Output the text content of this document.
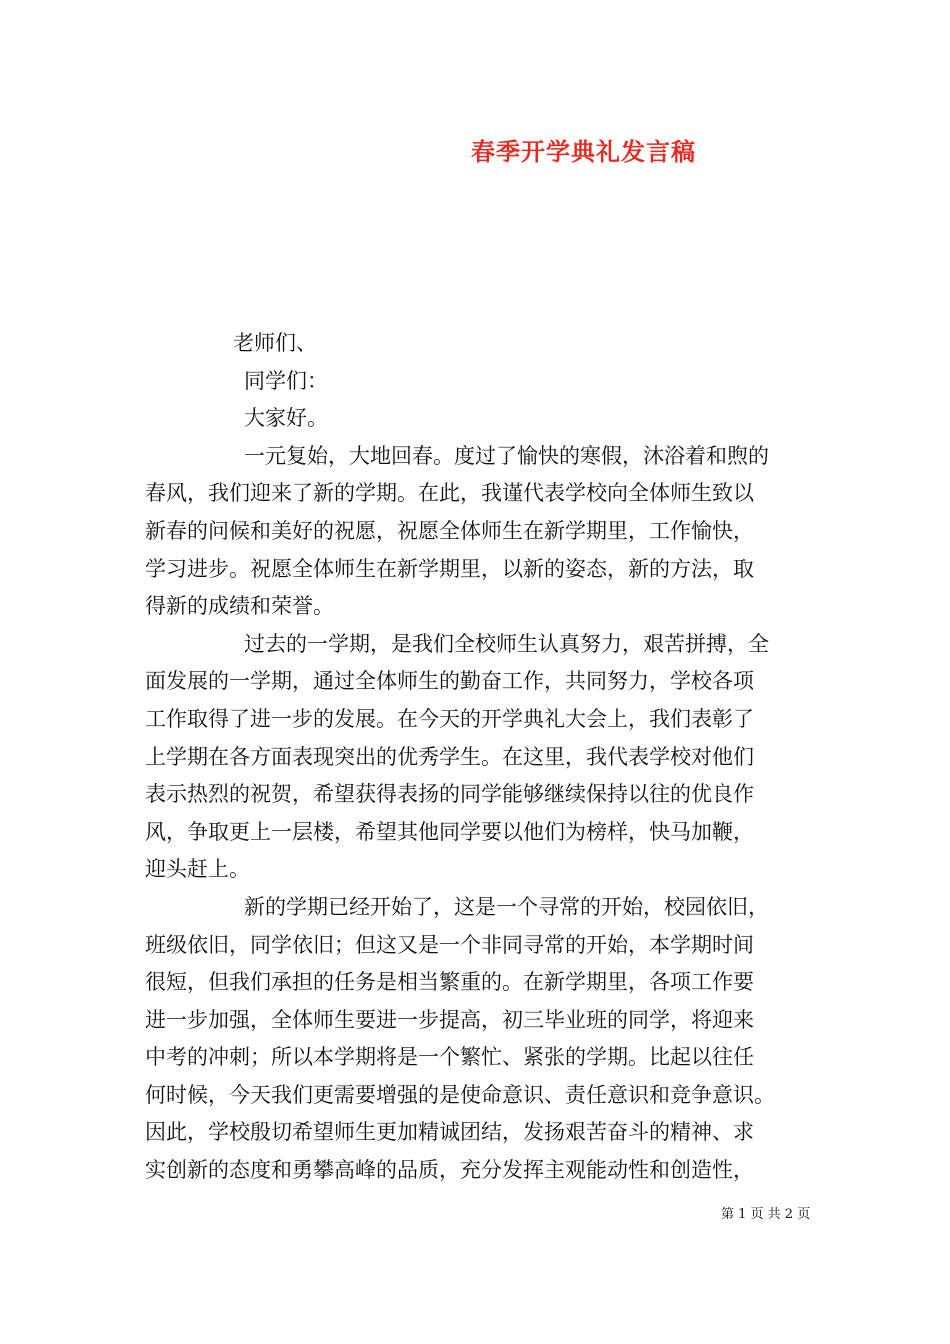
春季开学典礼发言稿
老师们、
同学们：
大家好。
一元复始，大地回春。度过了愉快的寒假，沐浴着和煦的
春风，我们迎来了新的学期。在此，我谨代表学校向全体师生致以
新春的问候和美好的祝愿，祝愿全体师生在新学期里，工作愉快，
学习进步。祝愿全体师生在新学期里，以新的姿态，新的方法，取
得新的成绩和荣誉。
过去的一学期，是我们全校师生认真努力，艰苦拼搏，全
面发展的一学期，通过全体师生的勤奋工作，共同努力，学校各项
工作取得了进一步的发展。在今天的开学典礼大会上，我们表彰了
上学期在各方面表现突出的优秀学生。在这里，我代表学校对他们
表示热烈的祝贺，希望获得表扬的同学能够继续保持以往的优良作
风，争取更上一层楼，希望其他同学要以他们为榜样，快马加鞭，
迎头赶上。
新的学期已经开始了，这是一个寻常的开始，校园依旧，
班级依旧，同学依旧；但这又是一个非同寻常的开始，本学期时间
很短，但我们承担的任务是相当繁重的。在新学期里，各项工作要
进一步加强，全体师生要进一步提高，初三毕业班的同学，将迎来
中考的冲刺；所以本学期将是一个繁忙、紧张的学期。比起以往任
何时候，今天我们更需要增强的是使命意识、责任意识和竞争意识。
因此，学校殷切希望师生更加精诚团结，发扬艰苦奋斗的精神、求
实创新的态度和勇攀高峰的品质，充分发挥主观能动性和创造性，
第 1 页 共 2 页
